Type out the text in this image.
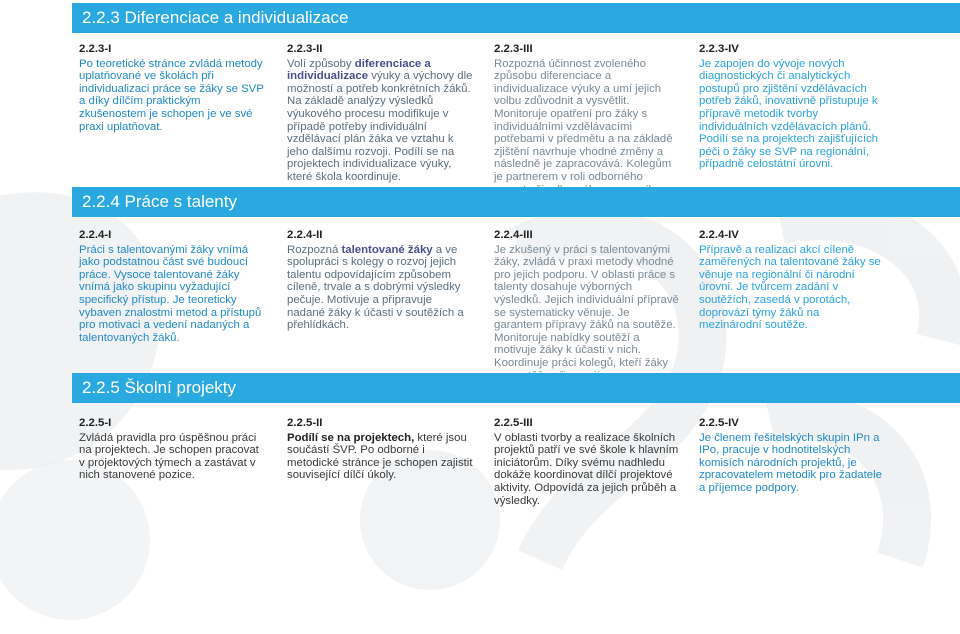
2.2.3 Diferenciace a individualizace
2.2.3-I
Po teoretické stránce zvládá metody uplatňované ve školách při individualizaci práce se žáky se SVP a díky dílčím praktickým zkušenostem je schopen je ve své praxi uplatňovat.
2.2.3-II
Volí způsoby diferenciace a individualizace výuky a výchovy dle možností a potřeb konkrétních žáků. Na základě analýzy výsledků výukového procesu modifikuje v případě potřeby individuální vzdělávací plán žáka ve vztahu k jeho dalšímu rozvoji. Podílí se na projektech individualizace výuky, které škola koordinuje.
2.2.3-III
Rozpozná účinnost zvoleného způsobu diferenciace a individualizace výuky a umí jejich volbu zdůvodnit a vysvětlit. Monitoruje opatření pro žáky s individuálními vzdělávacími potřebami v předmětu a na základě zjištění navrhuje vhodné změny a následně je zapracovává. Kolegům je partnerem v roli odborného
2.2.3-IV
Je zapojen do vývoje nových diagnostických či analytických postupů pro zjištění vzdělávacích potřeb žáků, inovativně přistupuje k přípravě metodik tvorby individuálních vzdělávacích plánů. Podílí se na projektech zajišťujících péči o žáky se SVP na regionální, případně celostátní úrovni.
2.2.4 Práce s talenty
2.2.4-I
Práci s talentovanými žáky vnímá jako podstatnou část své budoucí práce. Vysoce talentované žáky vnímá jako skupinu vyžadující specifický přístup. Je teoreticky vybaven znalostmi metod a přístupů pro motivaci a vedení nadaných a talentovaných žáků.
2.2.4-II
Rozpozná talentované žáky a ve spolupráci s kolegy o rozvoj jejich talentu odpovídajícím způsobem cíleně, trvale a s dobrými výsledky pečuje. Motivuje a připravuje nadané žáky k účasti v soutěžích a přehlídkách.
2.2.4-III
Je zkušený v práci s talentovanými žáky, zvládá v praxi metody vhodné pro jejich podporu. V oblasti práce s talenty dosahuje výborných výsledků. Jejich individuální přípravě se systematicky věnuje. Je garantem přípravy žáků na soutěže. Monitoruje nabídky soutěží a motivuje žáky k účasti v nich. Koordinuje práci kolegů, kteří žáky
2.2.4-IV
Přípravě a realizaci akcí cíleně zaměřených na talentované žáky se věnuje na regionální či národní úrovni. Je tvůrcem zadání v soutěžích, zasedá v porotách, doprovází týmy žáků na mezinárodní soutěže.
2.2.5 Školní projekty
2.2.5-I
Zvládá pravidla pro úspěšnou práci na projektech. Je schopen pracovat v projektových týmech a zastávat v nich stanovené pozice.
2.2.5-II
Podílí se na projektech, které jsou součástí ŠVP. Po odborné i metodické stránce je schopen zajistit související dílčí úkoly.
2.2.5-III
V oblasti tvorby a realizace školních projektů patří ve své škole k hlavním iniciátorům. Díky svému nadhledu dokáže koordinovat dílčí projektové aktivity. Odpovídá za jejich průběh a výsledky.
2.2.5-IV
Je členem řešitelských skupin IPn a IPo, pracuje v hodnotitelských komisích národních projektů, je zpracovatelem metodik pro žadatele a příjemce podpory.
